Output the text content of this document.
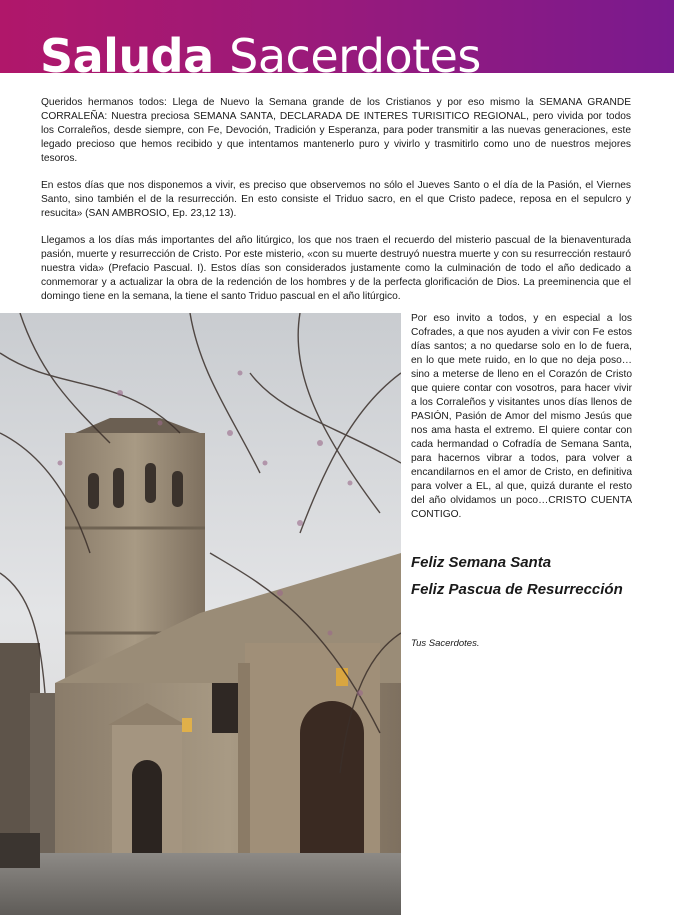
Saluda Sacerdotes

Queridos hermanos todos: Llega de Nuevo la Semana grande de los Cristianos y por eso mismo la SEMANA GRANDE CORRALEÑA: Nuestra preciosa SEMANA SANTA, DECLARADA DE INTERES TURISITICO REGIONAL, pero vivida por todos los Corraleños, desde siempre, con Fe, Devoción, Tradición y Esperanza, para poder transmitir a las nuevas generaciones, este legado precioso que hemos recibido y que intentamos mantenerlo puro y vivirlo y trasmitirlo como uno de nuestros mejores tesoros.

En estos días que nos disponemos a vivir, es preciso que observemos no sólo el Jueves Santo o el día de la Pasión, el Viernes Santo, sino también el de la resurrección. En esto consiste el Triduo sacro, en el que Cristo padece, reposa en el sepulcro y resucita» (SAN AMBROSIO, Ep. 23,12 13).

Llegamos a los días más importantes del año litúrgico, los que nos traen el recuerdo del misterio pascual de la bienaventurada pasión, muerte y resurrección de Cristo. Por este misterio, «con su muerte destruyó nuestra muerte y con su resurrección restauró nuestra vida» (Prefacio Pascual. I). Estos días son considerados justamente como la culminación de todo el año dedicado a conmemorar y a actualizar la obra de la redención de los hombres y de la perfecta glorificación de Dios. La preeminencia que el domingo tiene en la semana, la tiene el santo Triduo pascual en el año litúrgico.

Por eso invito a todos, y en especial a los Cofrades, a que nos ayuden a vivir con Fe estos días santos; a no quedarse solo en lo de fuera, en lo que mete ruido, en lo que no deja poso… sino a meterse de lleno en el Corazón de Cristo que quiere contar con vosotros, para hacer vivir a los Corraleños y visitantes unos días llenos de PASIÓN, Pasión de Amor del mismo Jesús que nos ama hasta el extremo. El quiere contar con cada hermandad o Cofradía de Semana Santa, para hacernos vibrar a todos, para volver a encandilarnos en el amor de Cristo, en definitiva para volver a EL, al que, quizá durante el resto del año olvidamos un poco…CRISTO CUENTA CONTIGO.

Feliz Semana Santa

Feliz Pascua de Resurrección

Tus Sacerdotes.
